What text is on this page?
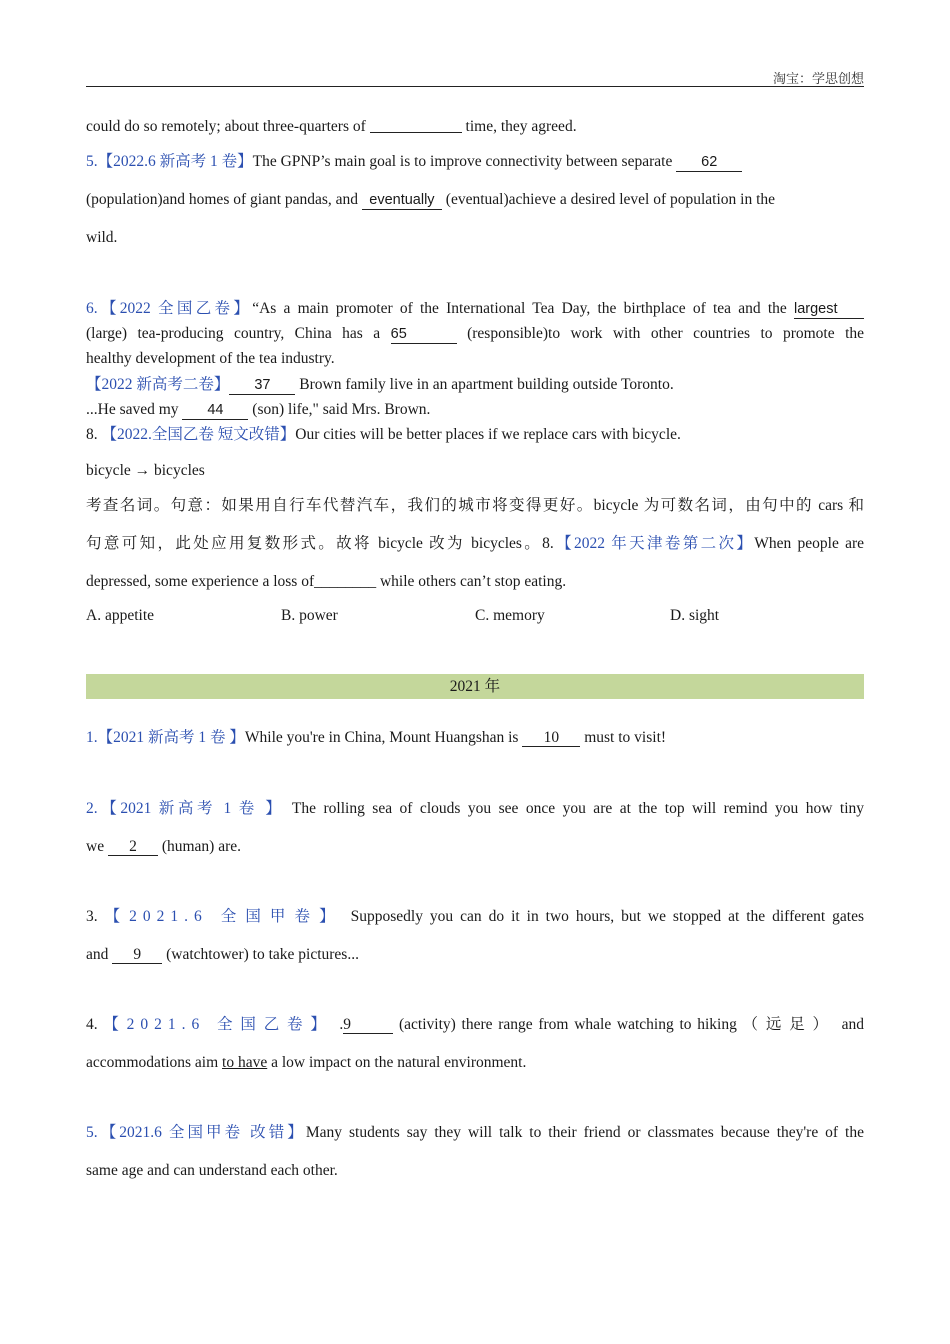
淘宝：学思创想
could do so remotely; about three-quarters of	time, they agreed.
5.【2022.6 新高考 1 卷】The GPNP’s main goal is to improve connectivity between separate 62
(population)and homes of giant pandas, and eventually (eventual)achieve a desired level of population in the
wild.
6.【2022 全国乙卷】“As a main promoter of the International Tea Day, the birthplace of tea and the largest
(large) tea-producing country, China has a 65	(responsible)to work with other countries to promote the
healthy development of the tea industry.
【2022 新高考二卷】 37 Brown family live in an apartment building outside Toronto.
...He saved my 44 (son) life," said Mrs. Brown.
8. 【2022.全国乙卷 短文改错】Our cities will be better places if we replace cars with bicycle.
bicycle → bicycles
考查名词。句意：如果用自行车代替汽车，我们的城市将变得更好。bicycle 为可数名词，由句中的 cars 和
句意可知，此处应用复数形式。故将 bicycle 改为 bicycles。8.【2022 年天津卷第二次】When people are
depressed, some experience a loss of________ while others can’t stop eating.
A. appetite	B. power	C. memory	D. sight
2021 年
1.【2021 新高考 1 卷 】While you're in China, Mount Huangshan is 10 must to visit!
2.【2021 新高考 1 卷 】 The rolling sea of clouds you see once you are at the top will remind you how tiny
we 2 (human) are.
3. 【2021.6 全国甲卷】 Supposedly you can do it in two hours, but we stopped at the different gates
and 9 (watchtower) to take pictures...
4. 【2021.6 全国乙卷】 .9	(activity) there range from whale watching to hiking （远足） and
accommodations aim to have a low impact on the natural environment.
5.【2021.6 全国甲卷 改错】Many students say they will talk to their friend or classmates because they're of the
same age and can understand each other.
